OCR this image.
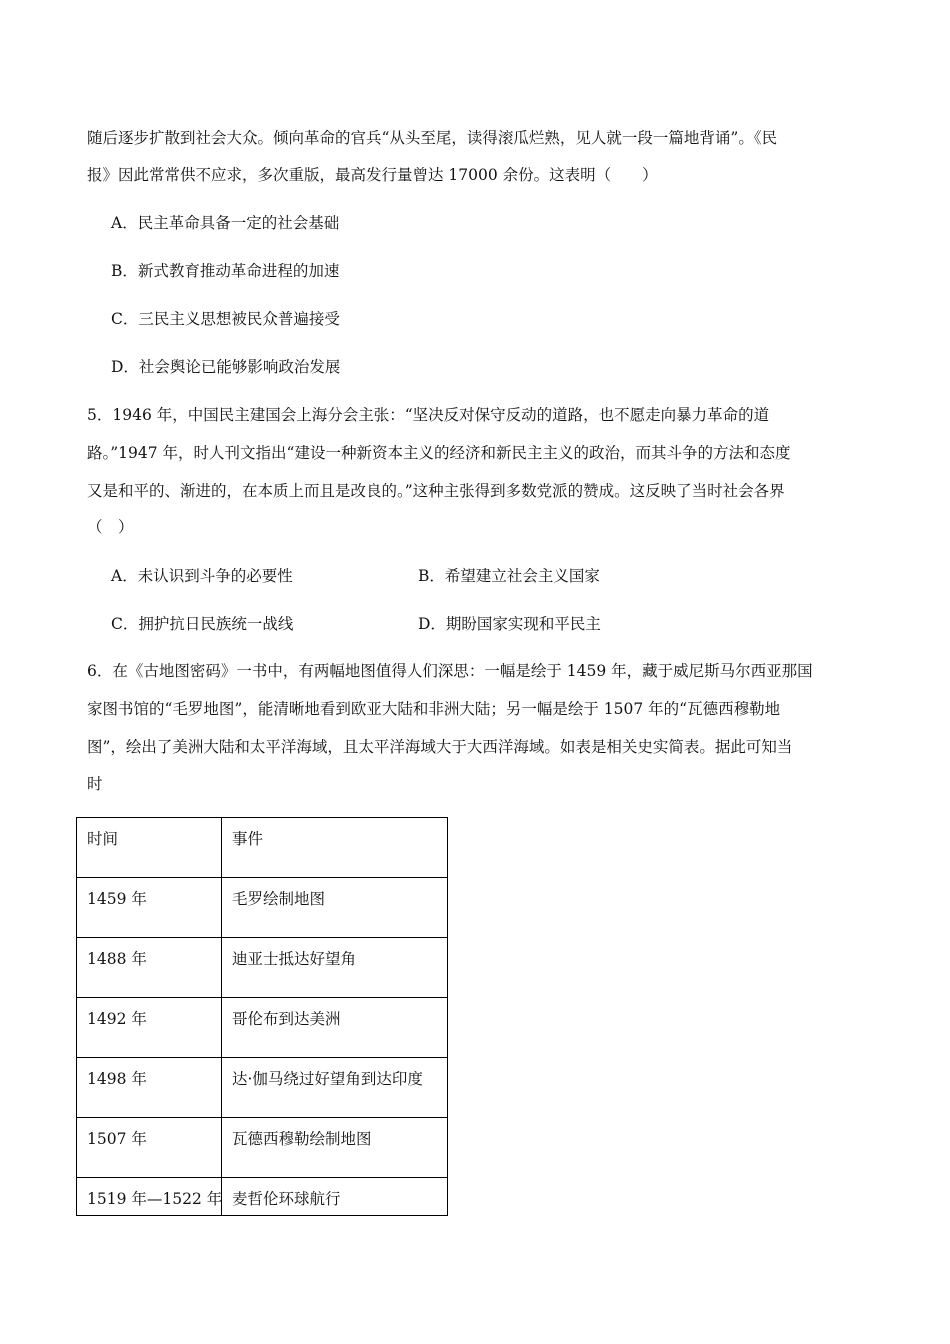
随后逐步扩散到社会大众。倾向革命的官兵“从头至尾，读得滚瓜烂熟，见人就一段一篇地背诵”。《民
报》因此常常供不应求，多次重版，最高发行量曾达 17000 余份。这表明（　　）
A．民主革命具备一定的社会基础
B．新式教育推动革命进程的加速
C．三民主义思想被民众普遍接受
D．社会舆论已能够影响政治发展
5．1946 年，中国民主建国会上海分会主张：“坚决反对保守反动的道路，也不愿走向暴力革命的道
路。”1947 年，时人刊文指出“建设一种新资本主义的经济和新民主主义的政治，而其斗争的方法和态度
又是和平的、渐进的，在本质上而且是改良的。”这种主张得到多数党派的赞成。这反映了当时社会各界
（　）
A．未认识到斗争的必要性	B．希望建立社会主义国家
C．拥护抗日民族统一战线	D．期盼国家实现和平民主
6．在《古地图密码》一书中，有两幅地图值得人们深思：一幅是绘于 1459 年，藏于威尼斯马尔西亚那国
家图书馆的“毛罗地图”，能清晰地看到欧亚大陆和非洲大陆；另一幅是绘于 1507 年的“瓦德西穆勒地
图”，绘出了美洲大陆和太平洋海域，且太平洋海域大于大西洋海域。如表是相关史实简表。据此可知当
时
时间	事件
1459 年	毛罗绘制地图
1488 年	迪亚士抵达好望角
1492 年	哥伦布到达美洲
1498 年	达·伽马绕过好望角到达印度
1507 年	瓦德西穆勒绘制地图
1519 年—1522 年	麦哲伦环球航行
